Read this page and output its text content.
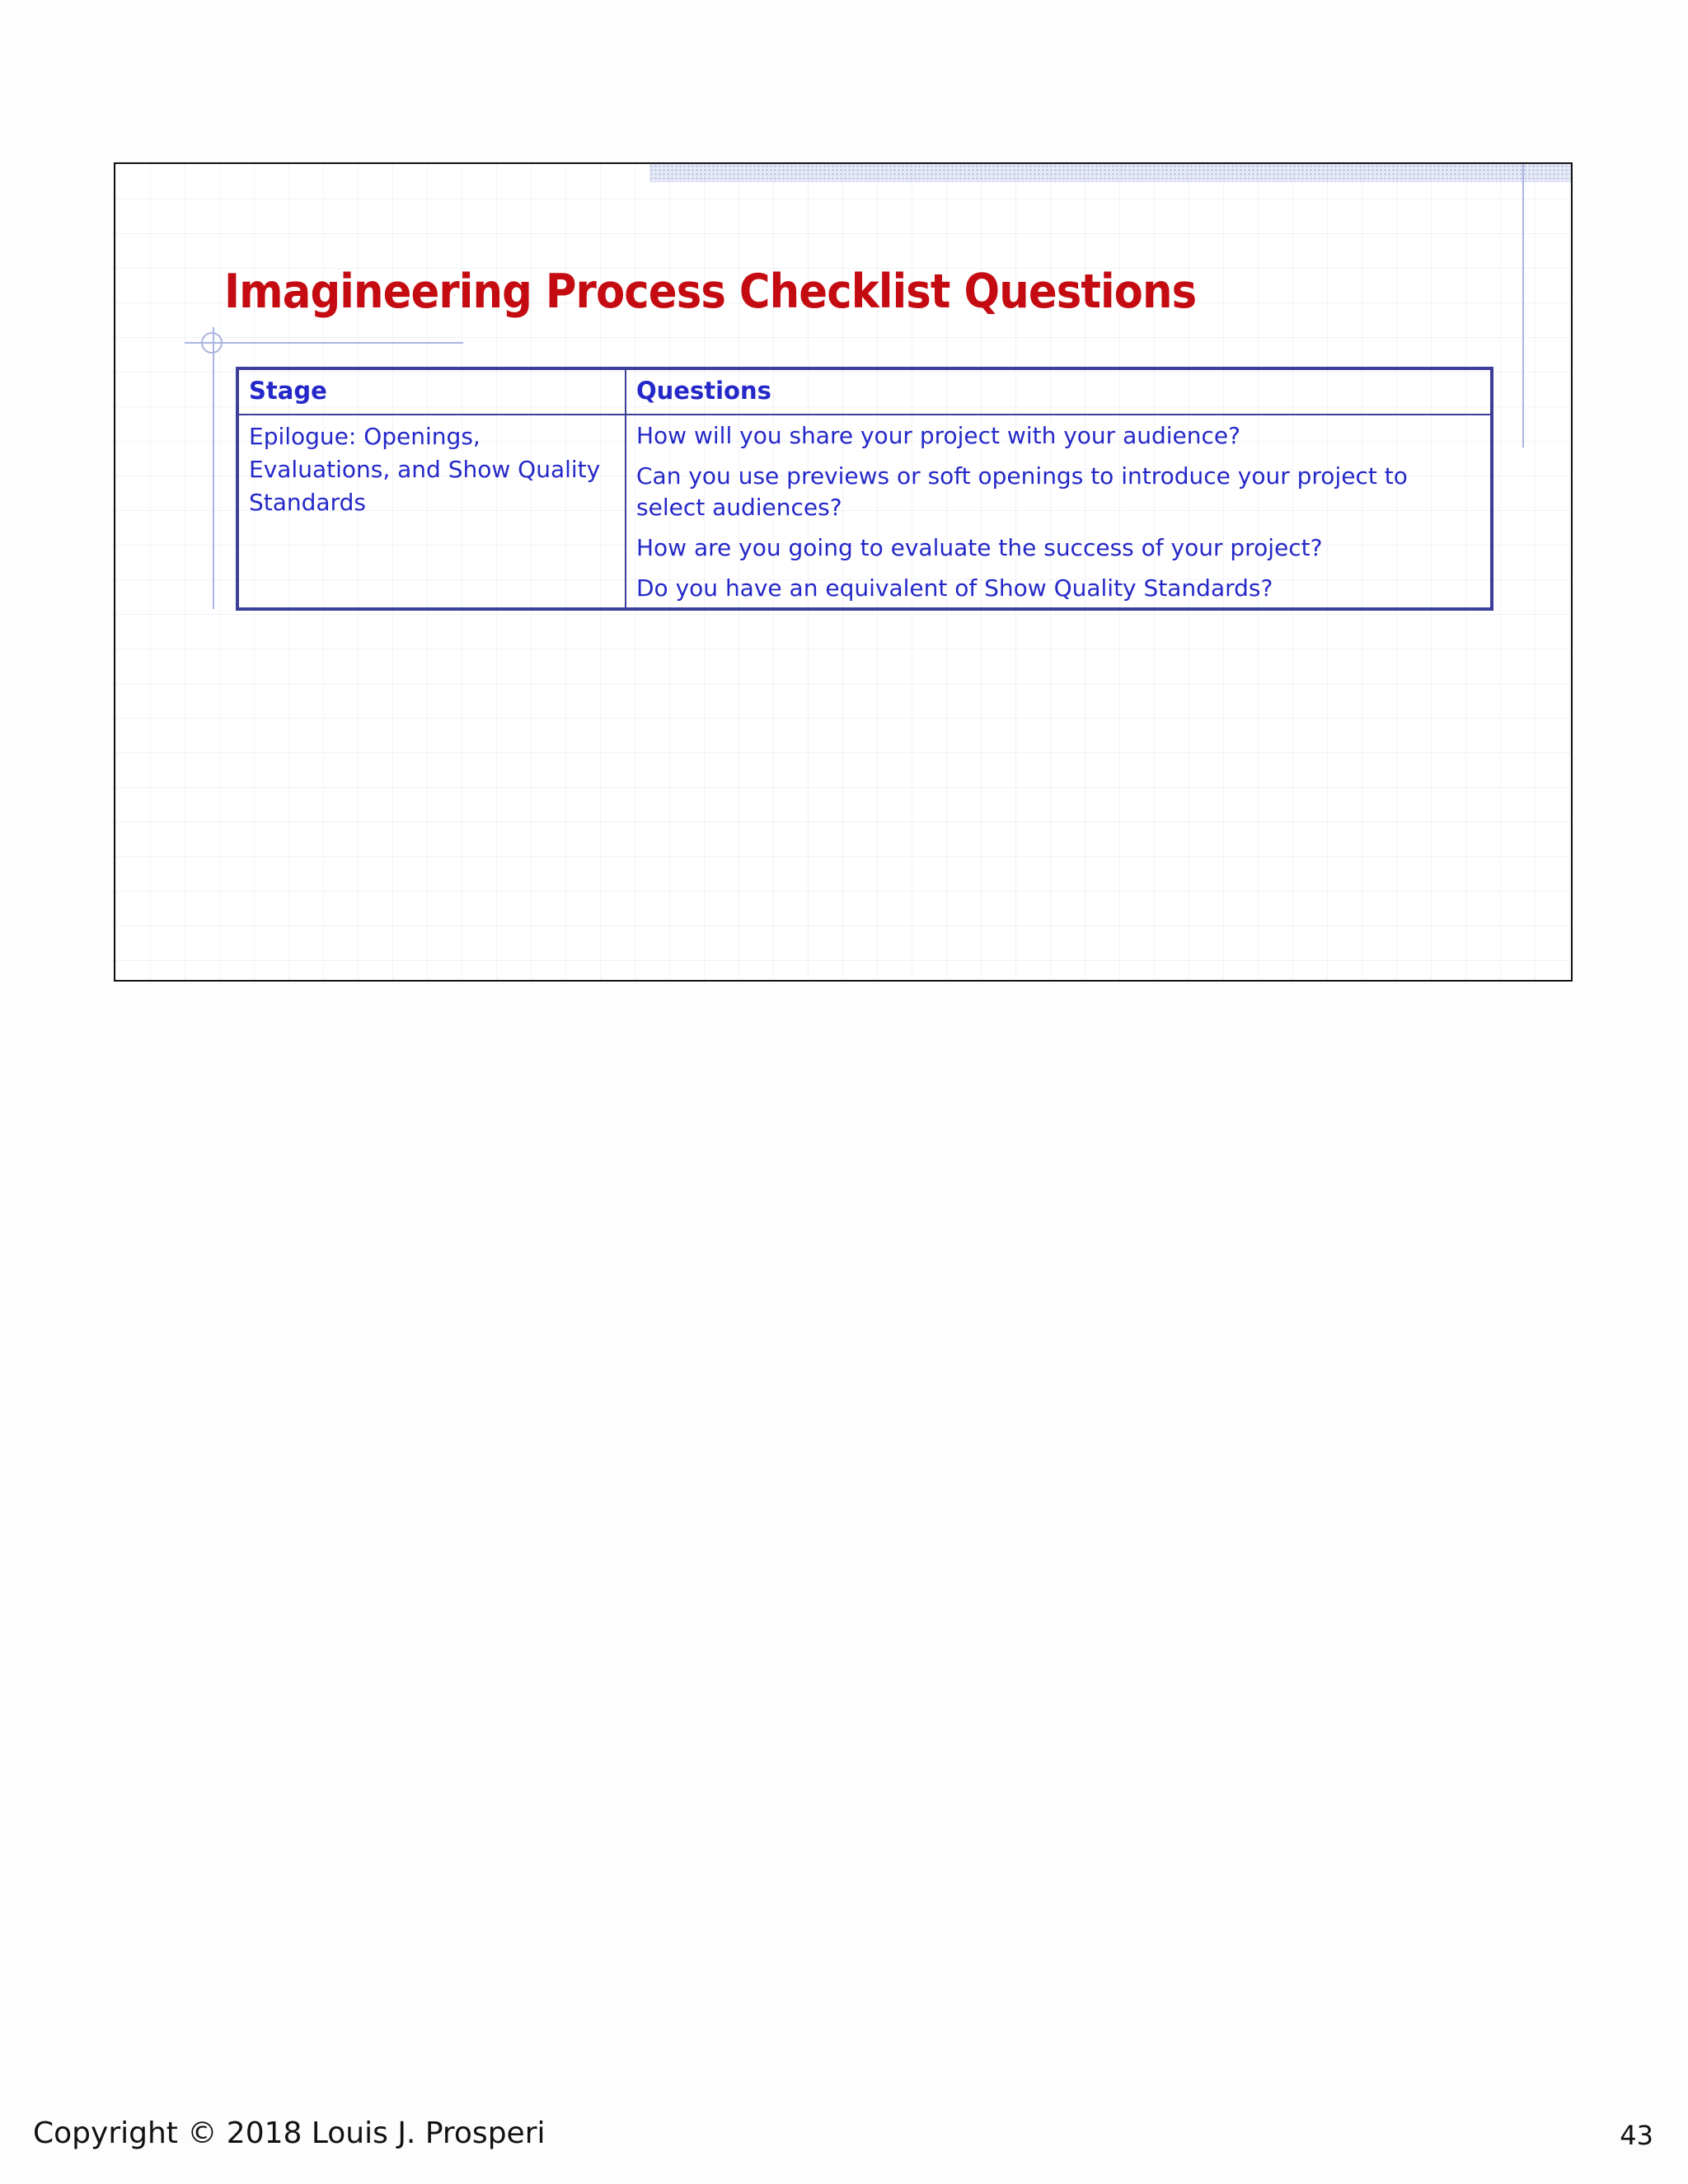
Imagineering Process Checklist Questions
Stage	Questions
Epilogue: Openings, Evaluations, and Show Quality Standards	How will you share your project with your audience?

Can you use previews or soft openings to introduce your project to select audiences?

How are you going to evaluate the success of your project?

Do you have an equivalent of Show Quality Standards?

Copyright © 2018 Louis J. Prosperi	43
